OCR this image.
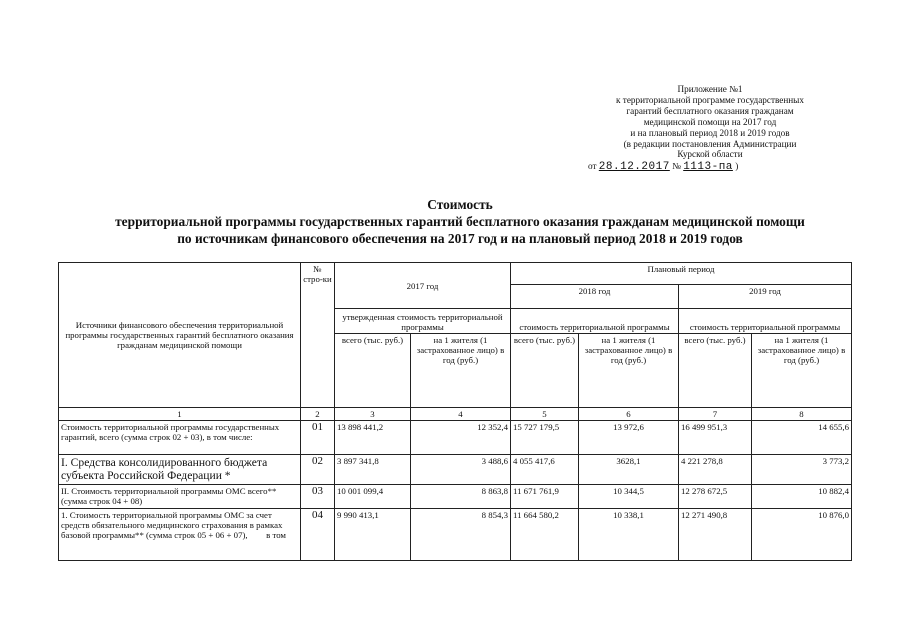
Приложение №1
к территориальной программе государственных
гарантий бесплатного оказания гражданам
медицинской помощи на 2017 год
и на плановый период 2018 и 2019 годов
(в редакции постановления Администрации
Курской области
от 28.12.2017 № 1113-па )
Стоимость
территориальной программы государственных гарантий бесплатного оказания гражданам медицинской помощи
по источникам финансового обеспечения на 2017 год и на плановый период 2018 и 2019 годов
Источники финансового обеспечения территориальной программы государственных гарантий бесплатного оказания гражданам медицинской помощи	№ стро-ки	2017 год		Плановый период			
				2018 год		2019 год	
		утвержденная стоимость территориальной программы		стоимость территориальной программы		стоимость территориальной программы	
		всего (тыс. руб.)	на 1 жителя (1 застрахованное лицо) в год (руб.)	всего (тыс. руб.)	на 1 жителя (1 застрахованное лицо) в год (руб.)	всего (тыс. руб.)	на 1 жителя (1 застрахованное лицо) в год (руб.)
1	2	3	4	5	6	7	8
Стоимость территориальной программы государственных гарантий, всего (сумма строк 02 + 03), в том числе:	01	13 898 441,2	12 352,4	15 727 179,5	13 972,6	16 499 951,3	14 655,6
I. Средства консолидированного бюджета субъекта Российской Федерации *	02	3 897 341,8	3 488,6	4 055 417,6	3628,1	4 221 278,8	3 773,2
II. Стоимость территориальной программы ОМС всего** (сумма строк 04 + 08)	03	10 001 099,4	8 863,8	11 671 761,9	10 344,5	12 278 672,5	10 882,4
1. Стоимость территориальной программы ОМС за счет средств обязательного медицинского страхования в рамках базовой программы** (сумма строк 05 + 06 + 07), в том	04	9 990 413,1	8 854,3	11 664 580,2	10 338,1	12 271 490,8	10 876,0
